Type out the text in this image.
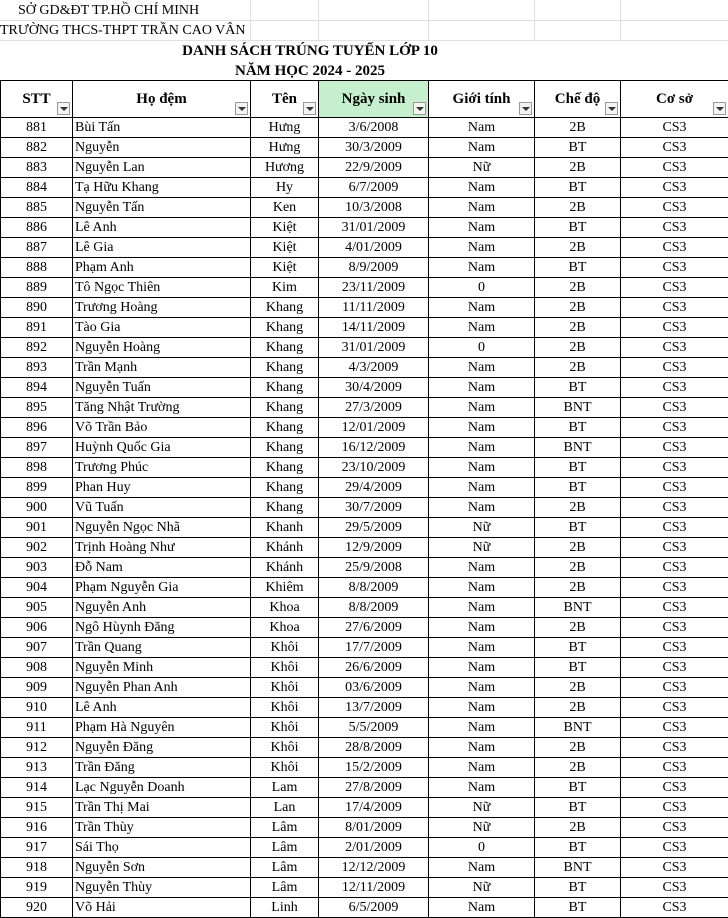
SỞ GD&ĐT TP.HỒ CHÍ MINH
TRƯỜNG THCS-THPT TRẦN CAO VÂN
DANH SÁCH TRÚNG TUYỂN LỚP 10
NĂM HỌC 2024 - 2025
STT	Họ đệm	Tên	Ngày sinh	Giới tính	Chế độ	Cơ sở

881	Bùi Tấn	Hưng	3/6/2008	Nam	2B	CS3
882	Nguyễn	Hưng	30/3/2009	Nam	BT	CS3
883	Nguyễn Lan	Hương	22/9/2009	Nữ	2B	CS3
884	Tạ Hữu Khang	Hy	6/7/2009	Nam	BT	CS3
885	Nguyễn Tấn	Ken	10/3/2008	Nam	2B	CS3
886	Lê Anh	Kiệt	31/01/2009	Nam	BT	CS3
887	Lê Gia	Kiệt	4/01/2009	Nam	2B	CS3
888	Phạm Anh	Kiệt	8/9/2009	Nam	BT	CS3
889	Tô Ngọc Thiên	Kim	23/11/2009	0	2B	CS3
890	Trương Hoàng	Khang	11/11/2009	Nam	2B	CS3
891	Tào Gia	Khang	14/11/2009	Nam	2B	CS3
892	Nguyễn Hoàng	Khang	31/01/2009	0	2B	CS3
893	Trần Mạnh	Khang	4/3/2009	Nam	2B	CS3
894	Nguyễn Tuấn	Khang	30/4/2009	Nam	BT	CS3
895	Tăng Nhật Trường	Khang	27/3/2009	Nam	BNT	CS3
896	Võ Trần Bảo	Khang	12/01/2009	Nam	BT	CS3
897	Huỳnh Quốc Gia	Khang	16/12/2009	Nam	BNT	CS3
898	Trương Phúc	Khang	23/10/2009	Nam	BT	CS3
899	Phan Huy	Khang	29/4/2009	Nam	BT	CS3
900	Vũ Tuấn	Khang	30/7/2009	Nam	2B	CS3
901	Nguyễn Ngọc Nhã	Khanh	29/5/2009	Nữ	BT	CS3
902	Trịnh Hoàng Như	Khánh	12/9/2009	Nữ	2B	CS3
903	Đỗ Nam	Khánh	25/9/2008	Nam	2B	CS3
904	Phạm Nguyễn Gia	Khiêm	8/8/2009	Nam	2B	CS3
905	Nguyễn Anh	Khoa	8/8/2009	Nam	BNT	CS3
906	Ngô Hùynh Đăng	Khoa	27/6/2009	Nam	2B	CS3
907	Trần Quang	Khôi	17/7/2009	Nam	BT	CS3
908	Nguyễn Minh	Khôi	26/6/2009	Nam	BT	CS3
909	Nguyễn Phan Anh	Khôi	03/6/2009	Nam	2B	CS3
910	Lê Anh	Khôi	13/7/2009	Nam	2B	CS3
911	Phạm Hà Nguyên	Khôi	5/5/2009	Nam	BNT	CS3
912	Nguyễn Đăng	Khôi	28/8/2009	Nam	2B	CS3
913	Trần Đăng	Khôi	15/2/2009	Nam	2B	CS3
914	Lạc Nguyễn Doanh	Lam	27/8/2009	Nam	BT	CS3
915	Trần Thị Mai	Lan	17/4/2009	Nữ	BT	CS3
916	Trần Thùy	Lâm	8/01/2009	Nữ	2B	CS3
917	Sái Thọ	Lâm	2/01/2009	0	BT	CS3
918	Nguyễn Sơn	Lâm	12/12/2009	Nam	BNT	CS3
919	Nguyễn Thùy	Lâm	12/11/2009	Nữ	BT	CS3
920	Võ Hải	Linh	6/5/2009	Nam	BT	CS3
